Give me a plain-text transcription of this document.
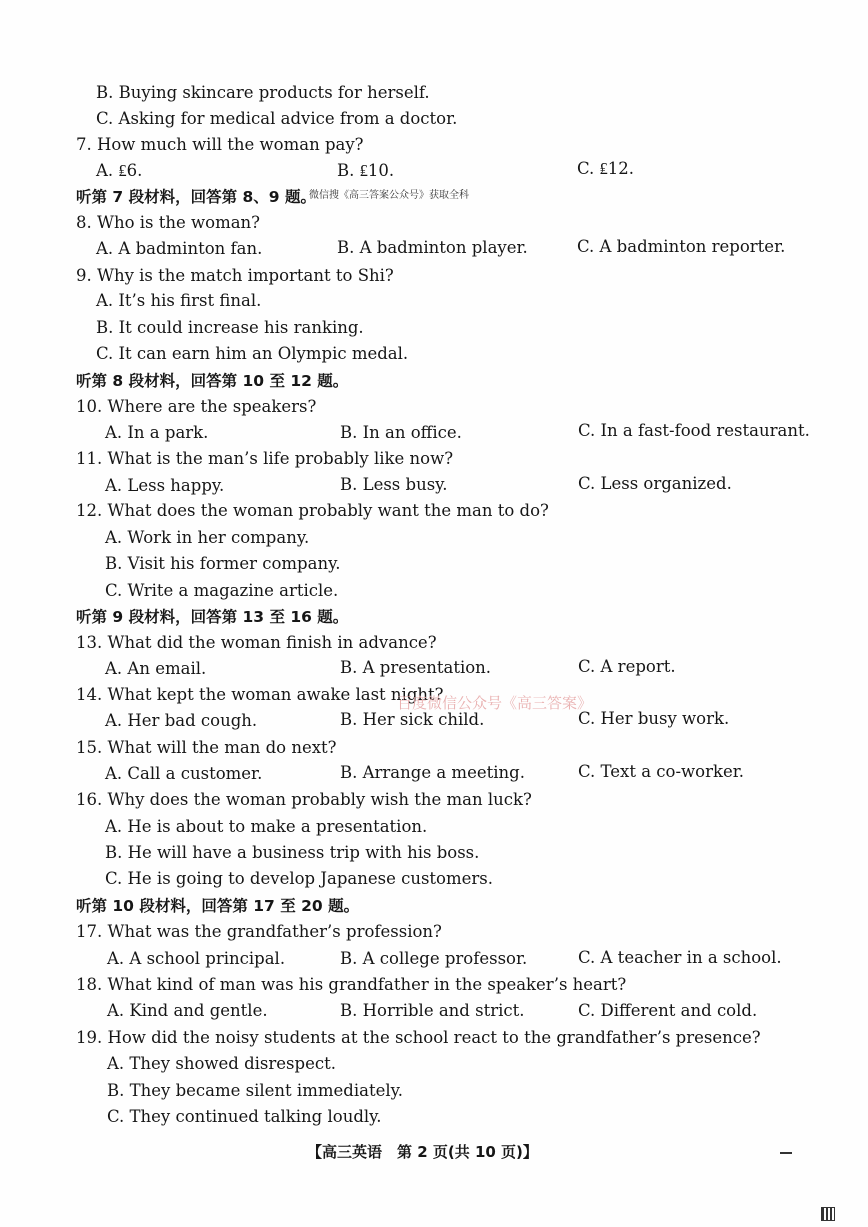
B. Buying skincare products for herself.
C. Asking for medical advice from a doctor.
7. How much will the woman pay?
A. ₤6.	B. ₤10.	C. ₤12.
听第 7 段材料，回答第 8、9 题。
8. Who is the woman?
A. A badminton fan.	B. A badminton player.	C. A badminton reporter.
9. Why is the match important to Shi?
A. It’s his first final.
B. It could increase his ranking.
C. It can earn him an Olympic medal.
听第 8 段材料，回答第 10 至 12 题。
10. Where are the speakers?
A. In a park.	B. In an office.	C. In a fast-food restaurant.
11. What is the man’s life probably like now?
A. Less happy.	B. Less busy.	C. Less organized.
12. What does the woman probably want the man to do?
A. Work in her company.
B. Visit his former company.
C. Write a magazine article.
听第 9 段材料，回答第 13 至 16 题。
13. What did the woman finish in advance?
A. An email.	B. A presentation.	C. A report.
14. What kept the woman awake last night?
A. Her bad cough.	B. Her sick child.	C. Her busy work.
15. What will the man do next?
A. Call a customer.	B. Arrange a meeting.	C. Text a co-worker.
16. Why does the woman probably wish the man luck?
A. He is about to make a presentation.
B. He will have a business trip with his boss.
C. He is going to develop Japanese customers.
听第 10 段材料，回答第 17 至 20 题。
17. What was the grandfather’s profession?
A. A school principal.	B. A college professor.	C. A teacher in a school.
18. What kind of man was his grandfather in the speaker’s heart?
A. Kind and gentle.	B. Horrible and strict.	C. Different and cold.
19. How did the noisy students at the school react to the grandfather’s presence?
A. They showed disrespect.
B. They became silent immediately.
C. They continued talking loudly.
微信搜《高三答案公众号》获取全科
百度微信公众号《高三答案》
【高三英语　第 2 页(共 10 页)】
